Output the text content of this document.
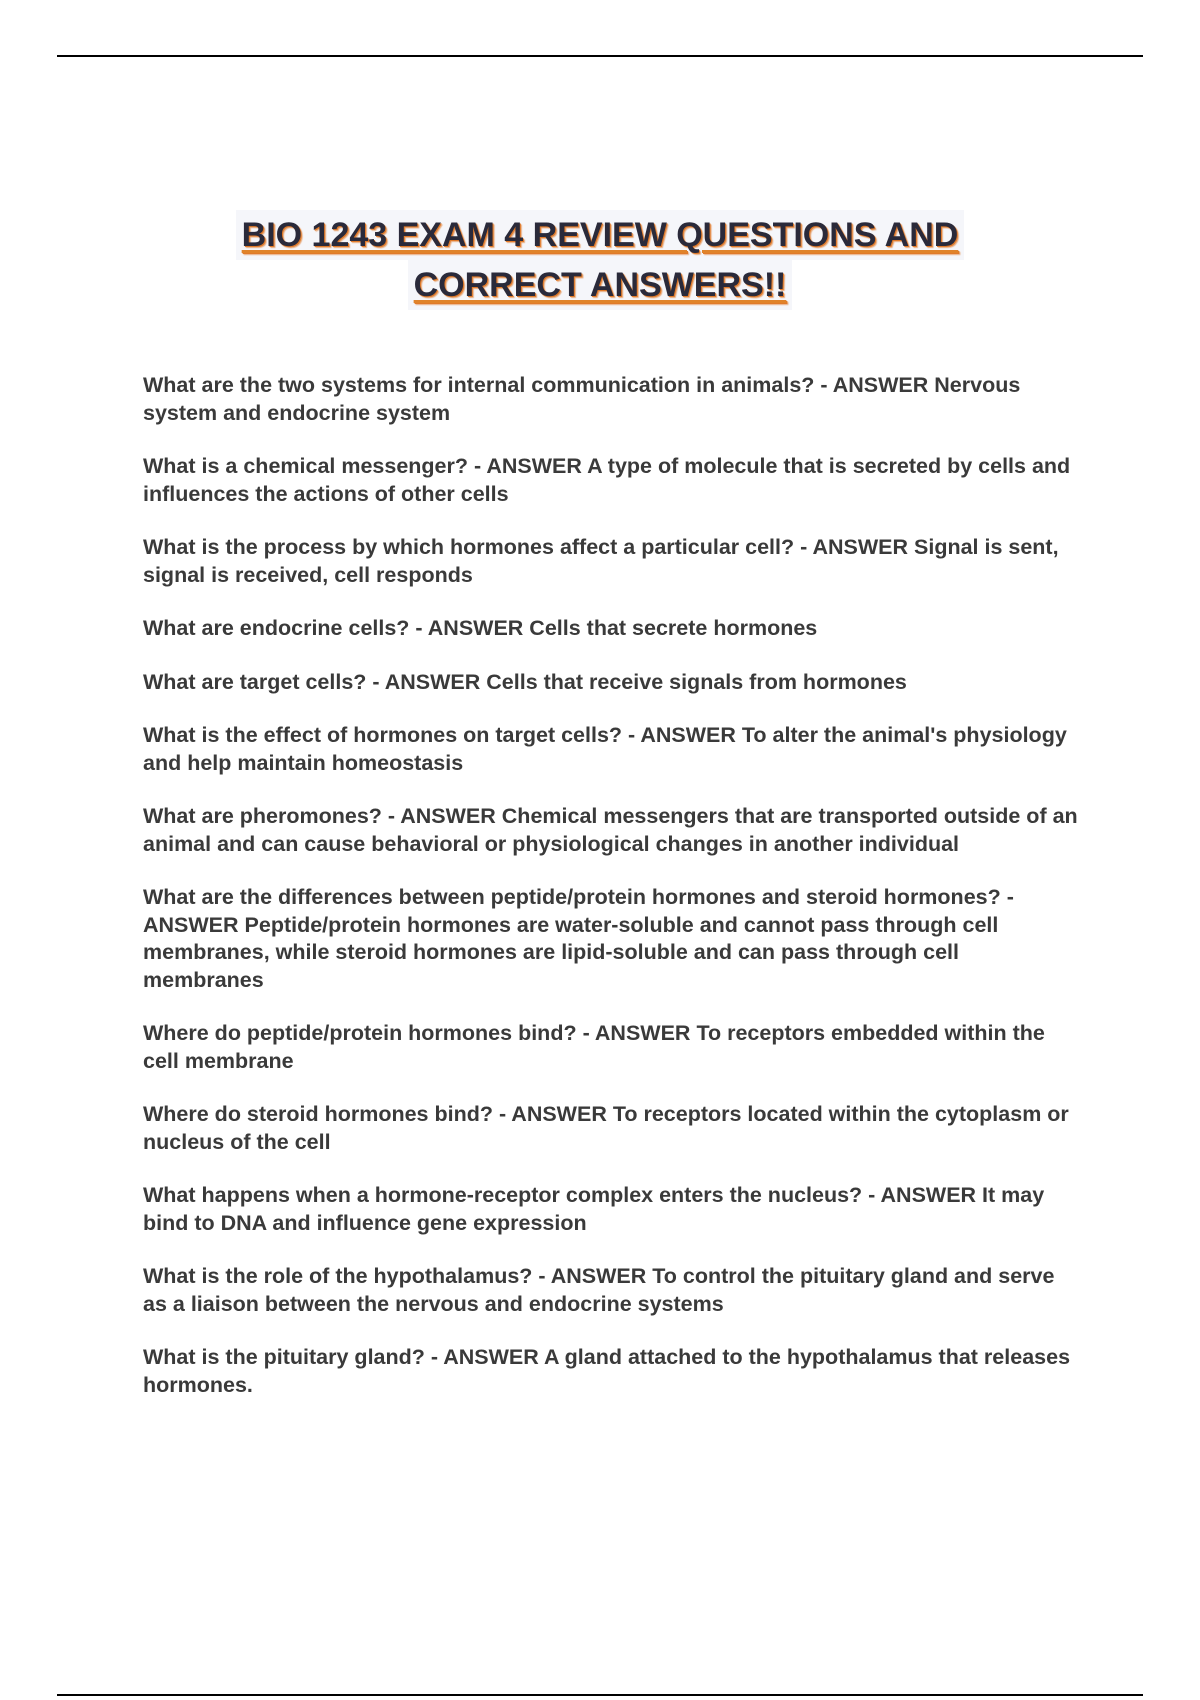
BIO 1243 EXAM 4 REVIEW QUESTIONS AND
CORRECT ANSWERS!!

What are the two systems for internal communication in animals? - ANSWER Nervous system and endocrine system

What is a chemical messenger? - ANSWER A type of molecule that is secreted by cells and influences the actions of other cells

What is the process by which hormones affect a particular cell? - ANSWER Signal is sent, signal is received, cell responds

What are endocrine cells? - ANSWER Cells that secrete hormones

What are target cells? - ANSWER Cells that receive signals from hormones

What is the effect of hormones on target cells? - ANSWER To alter the animal's physiology and help maintain homeostasis

What are pheromones? - ANSWER Chemical messengers that are transported outside of an animal and can cause behavioral or physiological changes in another individual

What are the differences between peptide/protein hormones and steroid hormones? - ANSWER Peptide/protein hormones are water-soluble and cannot pass through cell membranes, while steroid hormones are lipid-soluble and can pass through cell membranes

Where do peptide/protein hormones bind? - ANSWER To receptors embedded within the cell membrane

Where do steroid hormones bind? - ANSWER To receptors located within the cytoplasm or nucleus of the cell

What happens when a hormone-receptor complex enters the nucleus? - ANSWER It may bind to DNA and influence gene expression

What is the role of the hypothalamus? - ANSWER To control the pituitary gland and serve as a liaison between the nervous and endocrine systems

What is the pituitary gland? - ANSWER A gland attached to the hypothalamus that releases hormones.
